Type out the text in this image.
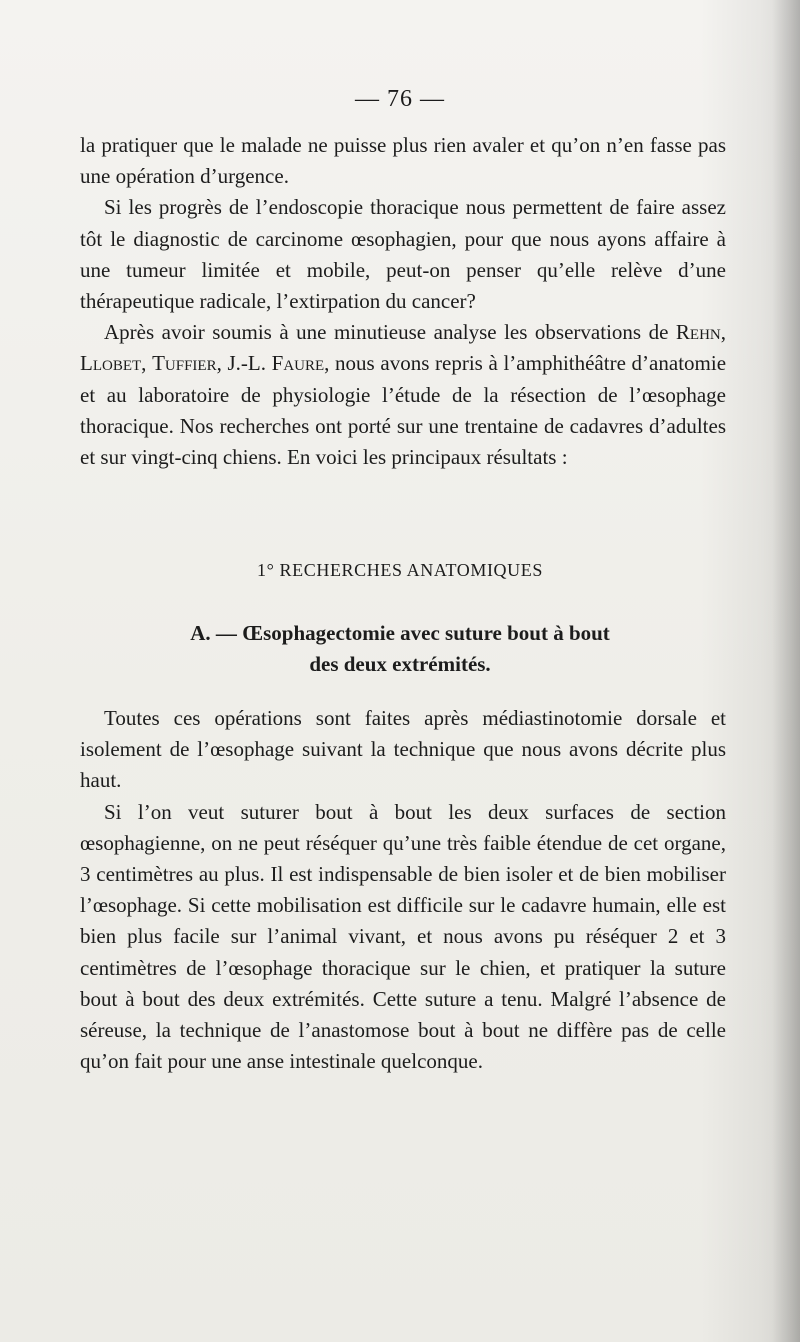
— 76 —

la pratiquer que le malade ne puisse plus rien avaler et qu’on n’en fasse pas une opération d’urgence.

Si les progrès de l’endoscopie thoracique nous permettent de faire assez tôt le diagnostic de carcinome œsophagien, pour que nous ayons affaire à une tumeur limitée et mobile, peut-on penser qu’elle relève d’une thérapeutique radicale, l’extirpation du cancer?

Après avoir soumis à une minutieuse analyse les observations de Rehn, Llobet, Tuffier, J.-L. Faure, nous avons repris à l’amphithéâtre d’anatomie et au laboratoire de physiologie l’étude de la résection de l’œsophage thoracique. Nos recherches ont porté sur une trentaine de cadavres d’adultes et sur vingt-cinq chiens. En voici les principaux résultats :

1° RECHERCHES ANATOMIQUES
A. — Œsophagectomie avec suture bout à bout
des deux extrémités.

Toutes ces opérations sont faites après médiastinotomie dorsale et isolement de l’œsophage suivant la technique que nous avons décrite plus haut.

Si l’on veut suturer bout à bout les deux surfaces de section œsophagienne, on ne peut réséquer qu’une très faible étendue de cet organe, 3 centimètres au plus. Il est indispensable de bien isoler et de bien mobiliser l’œsophage. Si cette mobilisation est difficile sur le cadavre humain, elle est bien plus facile sur l’animal vivant, et nous avons pu réséquer 2 et 3 centimètres de l’œsophage thoracique sur le chien, et pratiquer la suture bout à bout des deux extrémités. Cette suture a tenu. Malgré l’absence de séreuse, la technique de l’anastomose bout à bout ne diffère pas de celle qu’on fait pour une anse intestinale quelconque.
